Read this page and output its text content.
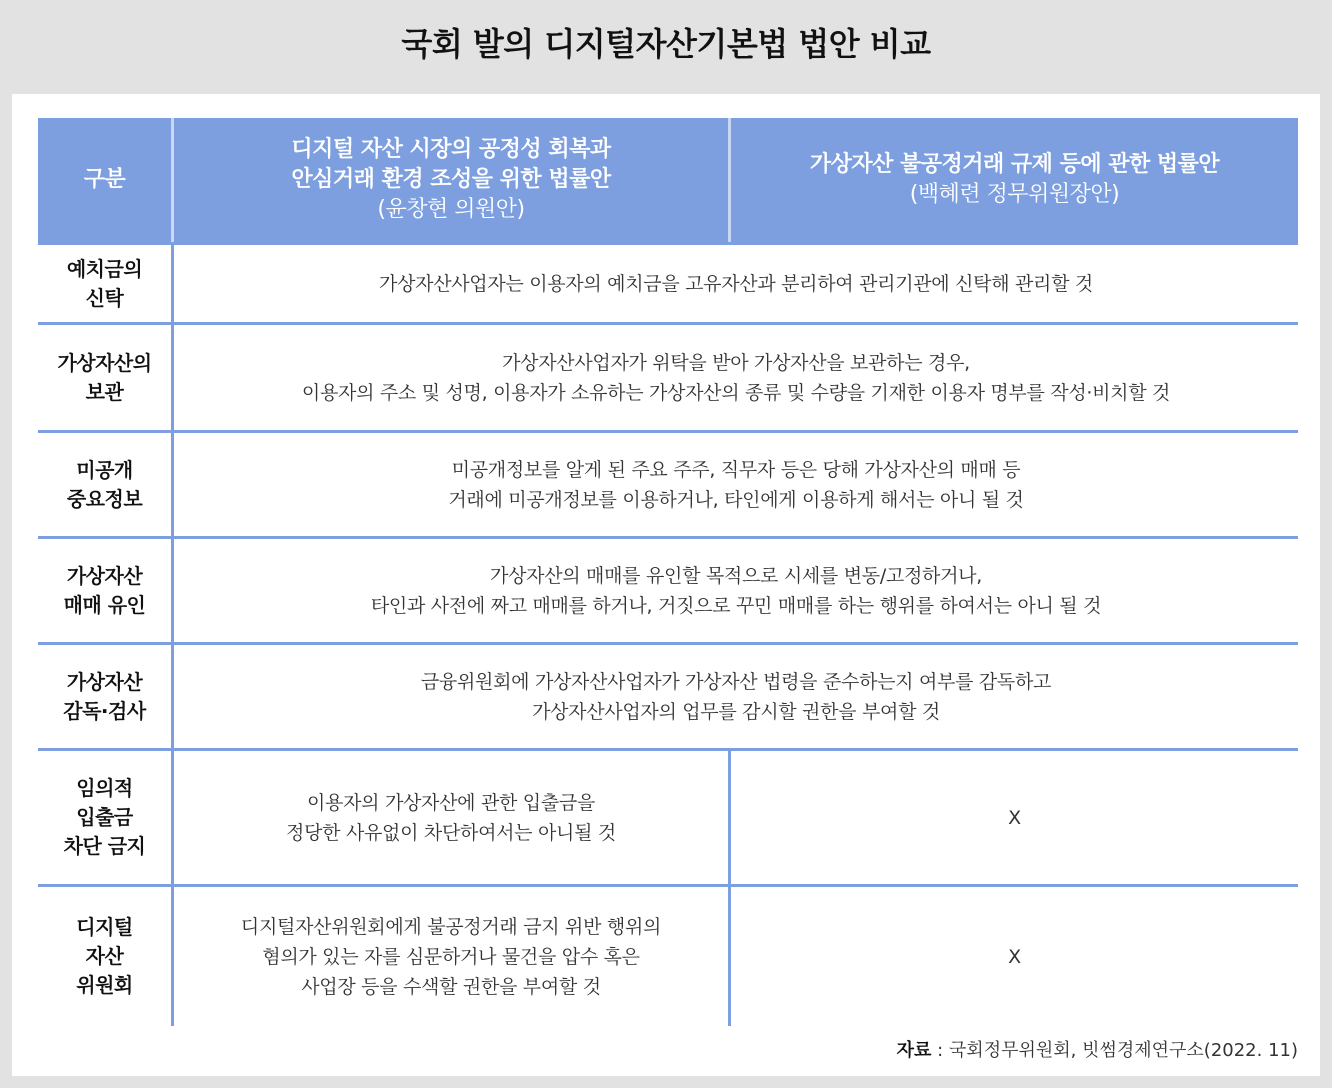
국회 발의 디지털자산기본법 법안 비교
구분	디지털 자산 시장의 공정성 회복과
안심거래 환경 조성을 위한 법률안
(윤창현 의원안)	가상자산 불공정거래 규제 등에 관한 법률안
(백혜련 정무위원장안)

예치금의
신탁	가상자산사업자는 이용자의 예치금을 고유자산과 분리하여 관리기관에 신탁해 관리할 것	

가상자산의
보관	가상자산사업자가 위탁을 받아 가상자산을 보관하는 경우,
이용자의 주소 및 성명, 이용자가 소유하는 가상자산의 종류 및 수량을 기재한 이용자 명부를 작성·비치할 것	

미공개
중요정보	미공개정보를 알게 된 주요 주주, 직무자 등은 당해 가상자산의 매매 등
거래에 미공개정보를 이용하거나, 타인에게 이용하게 해서는 아니 될 것	

가상자산
매매 유인	가상자산의 매매를 유인할 목적으로 시세를 변동/고정하거나,
타인과 사전에 짜고 매매를 하거나, 거짓으로 꾸민 매매를 하는 행위를 하여서는 아니 될 것	

가상자산
감독·검사	금융위원회에 가상자산사업자가 가상자산 법령을 준수하는지 여부를 감독하고
가상자산사업자의 업무를 감시할 권한을 부여할 것	

임의적
입출금
차단 금지	이용자의 가상자산에 관한 입출금을
정당한 사유없이 차단하여서는 아니될 것	X

디지털
자산
위원회	디지털자산위원회에게 불공정거래 금지 위반 행위의
혐의가 있는 자를 심문하거나 물건을 압수 혹은
사업장 등을 수색할 권한을 부여할 것	X
자료 : 국회정무위원회, 빗썸경제연구소(2022. 11)
